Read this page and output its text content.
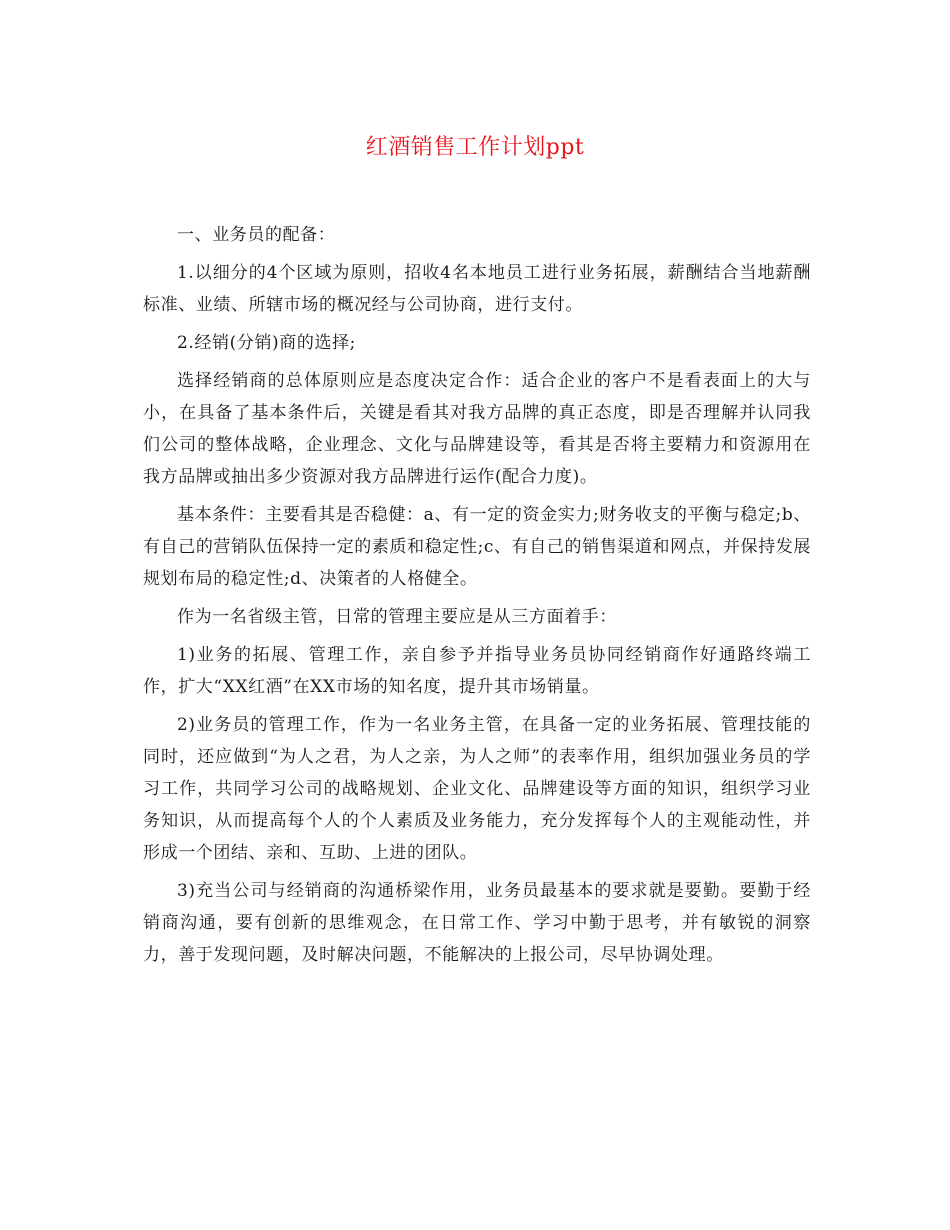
红酒销售工作计划ppt

一、业务员的配备：

1.以细分的4个区域为原则，招收4名本地员工进行业务拓展，薪酬结合当地薪酬标准、业绩、所辖市场的概况经与公司协商，进行支付。

2.经销(分销)商的选择;

选择经销商的总体原则应是态度决定合作：适合企业的客户不是看表面上的大与小，在具备了基本条件后，关键是看其对我方品牌的真正态度，即是否理解并认同我们公司的整体战略，企业理念、文化与品牌建设等，看其是否将主要精力和资源用在我方品牌或抽出多少资源对我方品牌进行运作(配合力度)。

基本条件：主要看其是否稳健：a、有一定的资金实力;财务收支的平衡与稳定;b、有自己的营销队伍保持一定的素质和稳定性;c、有自己的销售渠道和网点，并保持发展规划布局的稳定性;d、决策者的人格健全。

作为一名省级主管，日常的管理主要应是从三方面着手：

1)业务的拓展、管理工作，亲自参予并指导业务员协同经销商作好通路终端工作，扩大“XX红酒”在XX市场的知名度，提升其市场销量。

2)业务员的管理工作，作为一名业务主管，在具备一定的业务拓展、管理技能的同时，还应做到“为人之君，为人之亲，为人之师”的表率作用，组织加强业务员的学习工作，共同学习公司的战略规划、企业文化、品牌建设等方面的知识，组织学习业务知识，从而提高每个人的个人素质及业务能力，充分发挥每个人的主观能动性，并形成一个团结、亲和、互助、上进的团队。

3)充当公司与经销商的沟通桥梁作用，业务员最基本的要求就是要勤。要勤于经销商沟通，要有创新的思维观念，在日常工作、学习中勤于思考，并有敏锐的洞察力，善于发现问题，及时解决问题，不能解决的上报公司，尽早协调处理。
